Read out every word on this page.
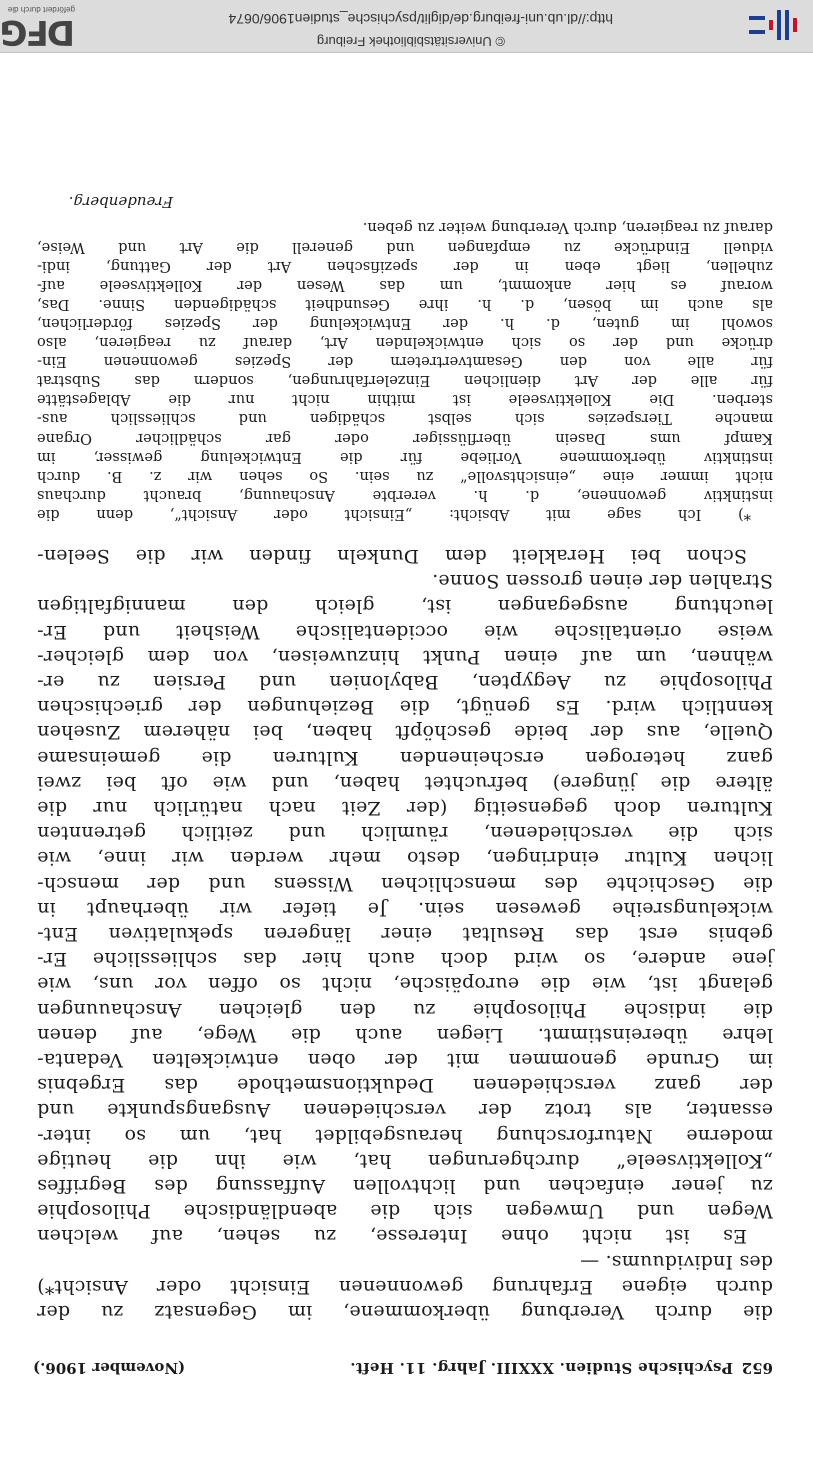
652
Psychische Studien. XXXIII. Jahrg. 11. Heft.
(November 1906.)
die durch Vererbung überkommene, im Gegensatz zu der
durch eigene Erfahrung gewonnenen Einsicht oder Ansicht*)
des Individuums. —
Es ist nicht ohne Interesse, zu sehen, auf welchen
Wegen und Umwegen sich die abendländische Philosophie
zu jener einfachen und lichtvollen Auffassung des Begriffes
„Kollektivseele“ durchgerungen hat, wie ihn die heutige
moderne Naturforschung herausgebildet hat, um so inter-
essanter, als trotz der verschiedenen Ausgangspunkte und
der ganz verschiedenen Deduktionsmethode das Ergebnis
im Grunde genommen mit der oben entwickelten Vedanta-
lehre übereinstimmt. Liegen auch die Wege, auf denen
die indische Philosophie zu den gleichen Anschauungen
gelangt ist, wie die europäische, nicht so offen vor uns, wie
jene andere, so wird doch auch hier das schliessliche Er-
gebnis erst das Resultat einer längeren spekulativen Ent-
wickelungsreihe gewesen sein. Je tiefer wir überhaupt in
die Geschichte des menschlichen Wissens und der mensch-
lichen Kultur eindringen, desto mehr werden wir inne, wie
sich die verschiedenen, räumlich und zeitlich getrennten
Kulturen doch gegenseitig (der Zeit nach natürlich nur die
ältere die jüngere) befruchtet haben, und wie oft bei zwei
ganz heterogen erscheinenden Kulturen die gemeinsame
Quelle, aus der beide geschöpft haben, bei näherem Zusehen
kenntlich wird. Es genügt, die Beziehungen der griechischen
Philosophie zu Aegypten, Babylonien und Persien zu er-
wähnen, um auf einen Punkt hinzuweisen, von dem gleicher-
weise orientalische wie occidentalische Weisheit und Er-
leuchtung ausgegangen ist, gleich den mannigfaltigen
Strahlen der einen grossen Sonne.
Schon bei Herakleit dem Dunkeln finden wir die Seelen-
*) Ich sage mit Absicht: „Einsicht oder Ansicht“, denn die
instinktiv gewonnene, d. h. vererbte Anschauung, braucht durchaus
nicht immer eine „einsichtsvolle“ zu sein. So sehen wir z. B. durch
instinktiv überkommene Vorliebe für die Entwickelung gewisser, im
Kampf ums Dasein überflüssiger oder gar schädlicher Organe
manche Tierspezies sich selbst schädigen und schliesslich aus-
sterben. Die Kollektivseele ist mithin nicht nur die Ablagestätte
für alle der Art dienlichen Einzelerfahrungen, sondern das Substrat
für alle von den Gesamtvertretern der Spezies gewonnenen Ein-
drücke und der so sich entwickelnden Art, darauf zu reagieren, also
sowohl im guten, d. h. der Entwickelung der Spezies förderlichen,
als auch im bösen, d. h. ihre Gesundheit schädigenden Sinne. Das,
worauf es hier ankommt, um das Wesen der Kollektivseele auf-
zuhellen, liegt eben in der spezifischen Art der Gattung, indi-
viduell Eindrücke zu empfangen und generell die Art und Weise,
darauf zu reagieren, durch Vererbung weiter zu geben.
Freudenberg.
http://dl.ub.uni-freiburg.de/diglit/psychische_studien1906/0674
© Universitätsbibliothek Freiburg
DFG
gefördert durch die
